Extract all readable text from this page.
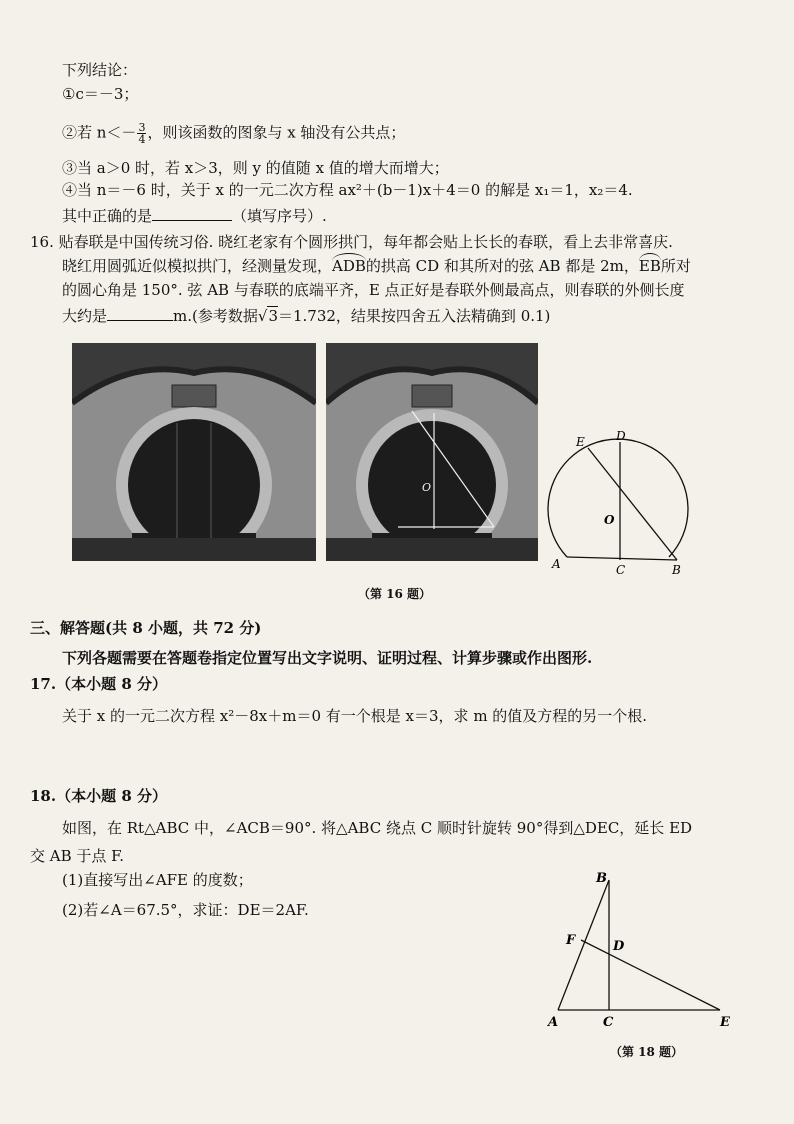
下列结论：
①c＝－3；
②若 $n<- \frac{3}{4}$ ，则该函数的图象与 x 轴没有公共点；
③当 a＞0 时，若 x＞3，则 y 的值随 x 值的增大而增大；
④当 n＝－6 时，关于 x 的一元二次方程 ax²＋(b－1)x＋4＝0 的解是 x₁＝1，x₂＝4.
其中正确的是	（填写序号）.
16. 贴春联是中国传统习俗. 晓红老家有个圆形拱门，每年都会贴上长长的春联，看上去非常喜庆.
晓红用圆弧近似模拟拱门，经测量发现，ADB的拱高 CD 和其所对的弦 AB 都是 2m，EB所对
的圆心角是 150°. 弦 AB 与春联的底端平齐，E 点正好是春联外侧最高点，则春联的外侧长度
大约是	m.(参考数据√3＝1.732，结果按四舍五入法精确到 0.1)
O
E	D
O
A	C	B
（第 16 题）
三、解答题(共 8 小题，共 72 分)
下列各题需要在答题卷指定位置写出文字说明、证明过程、计算步骤或作出图形.
17.（本小题 8 分）
关于 x 的一元二次方程 x²－8x＋m＝0 有一个根是 x＝3，求 m 的值及方程的另一个根.
18.（本小题 8 分）
如图，在 Rt△ABC 中，∠ACB＝90°. 将△ABC 绕点 C 顺时针旋转 90°得到△DEC，延长 ED
交 AB 于点 F.
(1)直接写出∠AFE 的度数；
(2)若∠A＝67.5°，求证：DE＝2AF.
B
F	D
A	C	E
（第 18 题）
